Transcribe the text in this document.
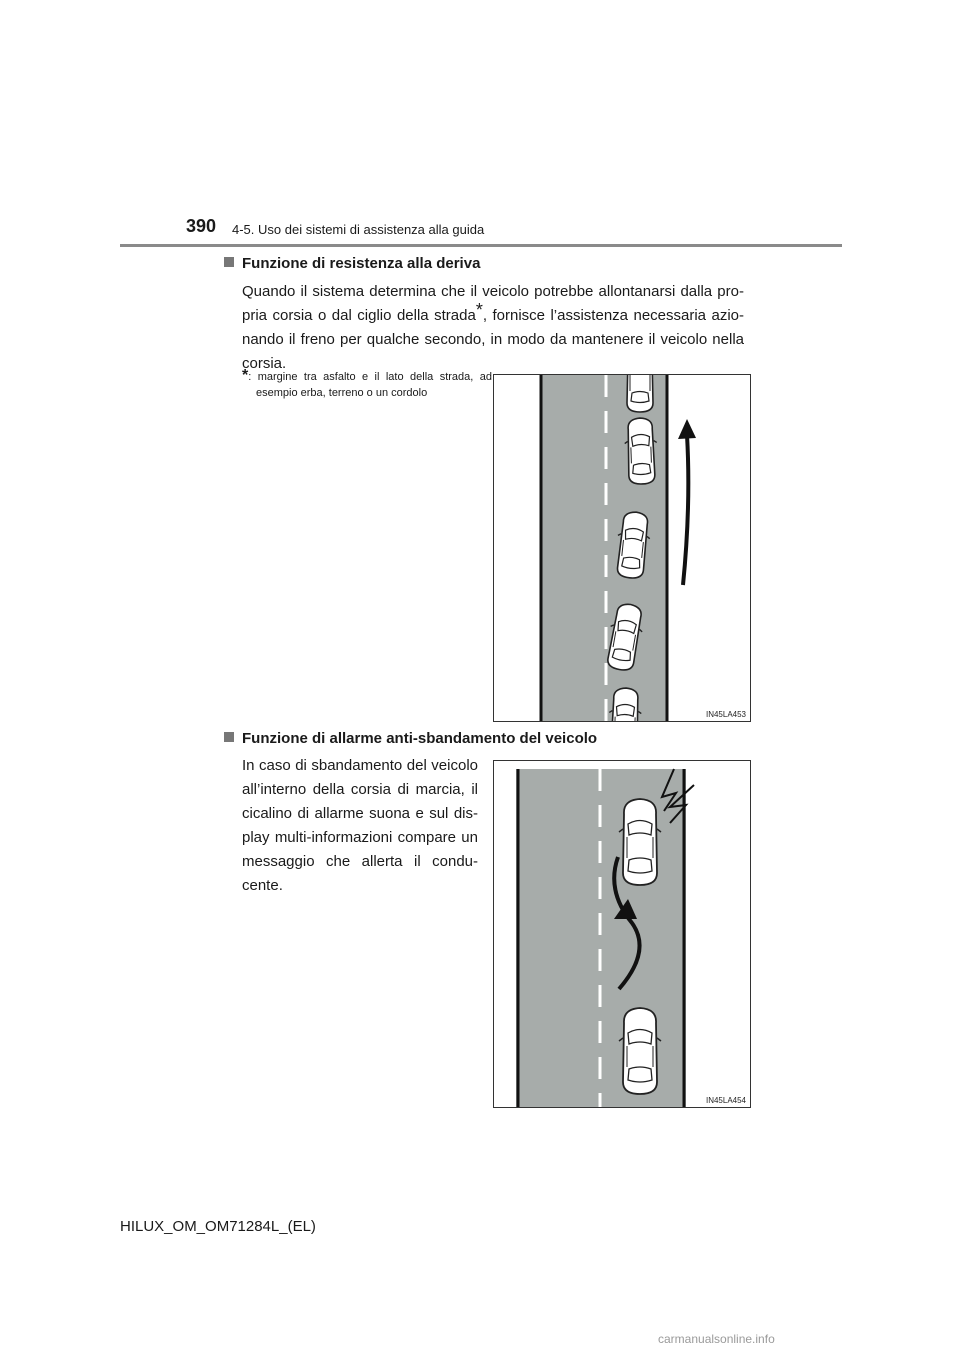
390 4-5. Uso dei sistemi di assistenza alla guida
Funzione di resistenza alla deriva

Quando il sistema determina che il veicolo potrebbe allontanarsi dalla pro-pria corsia o dal ciglio della strada*, fornisce l’assistenza necessaria azio-nando il freno per qualche secondo, in modo da mantenere il veicolo nella corsia.

*: margine tra asfalto e il lato della strada, ad esempio erba, terreno o un cordolo

IN45LA453
Funzione di allarme anti-sbandamento del veicolo

In caso di sbandamento del veicolo all’interno della corsia di marcia, il cicalino di allarme suona e sul dis-play multi-informazioni compare un messaggio che allerta il condu-cente.

IN45LA454
HILUX_OM_OM71284L_(EL)
carmanualsonline.info
